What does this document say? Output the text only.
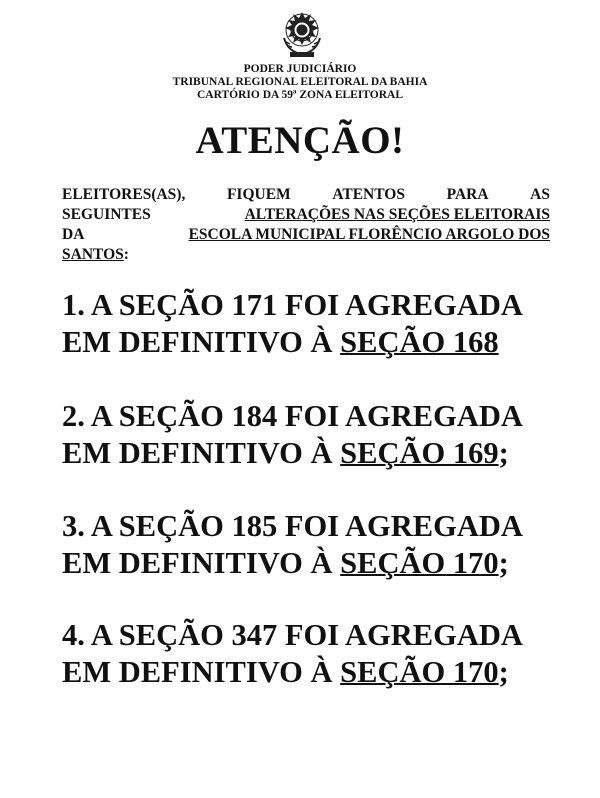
PODER JUDICIÁRIO
TRIBUNAL REGIONAL ELEITORAL DA BAHIA
CARTÓRIO DA 59ª ZONA ELEITORAL
ATENÇÃO!
ELEITORES(AS),	FIQUEM	ATENTOS	PARA	AS
SEGUINTES	ALTERAÇÕES NAS SEÇÕES ELEITORAIS
DA	ESCOLA MUNICIPAL FLORÊNCIO ARGOLO DOS
SANTOS :
1. A SEÇÃO 171 FOI AGREGADA
EM DEFINITIVO À SEÇÃO 168
2. A SEÇÃO 184 FOI AGREGADA
EM DEFINITIVO À SEÇÃO 169;
3. A SEÇÃO 185 FOI AGREGADA
EM DEFINITIVO À SEÇÃO 170;
4. A SEÇÃO 347 FOI AGREGADA
EM DEFINITIVO À SEÇÃO 170;
